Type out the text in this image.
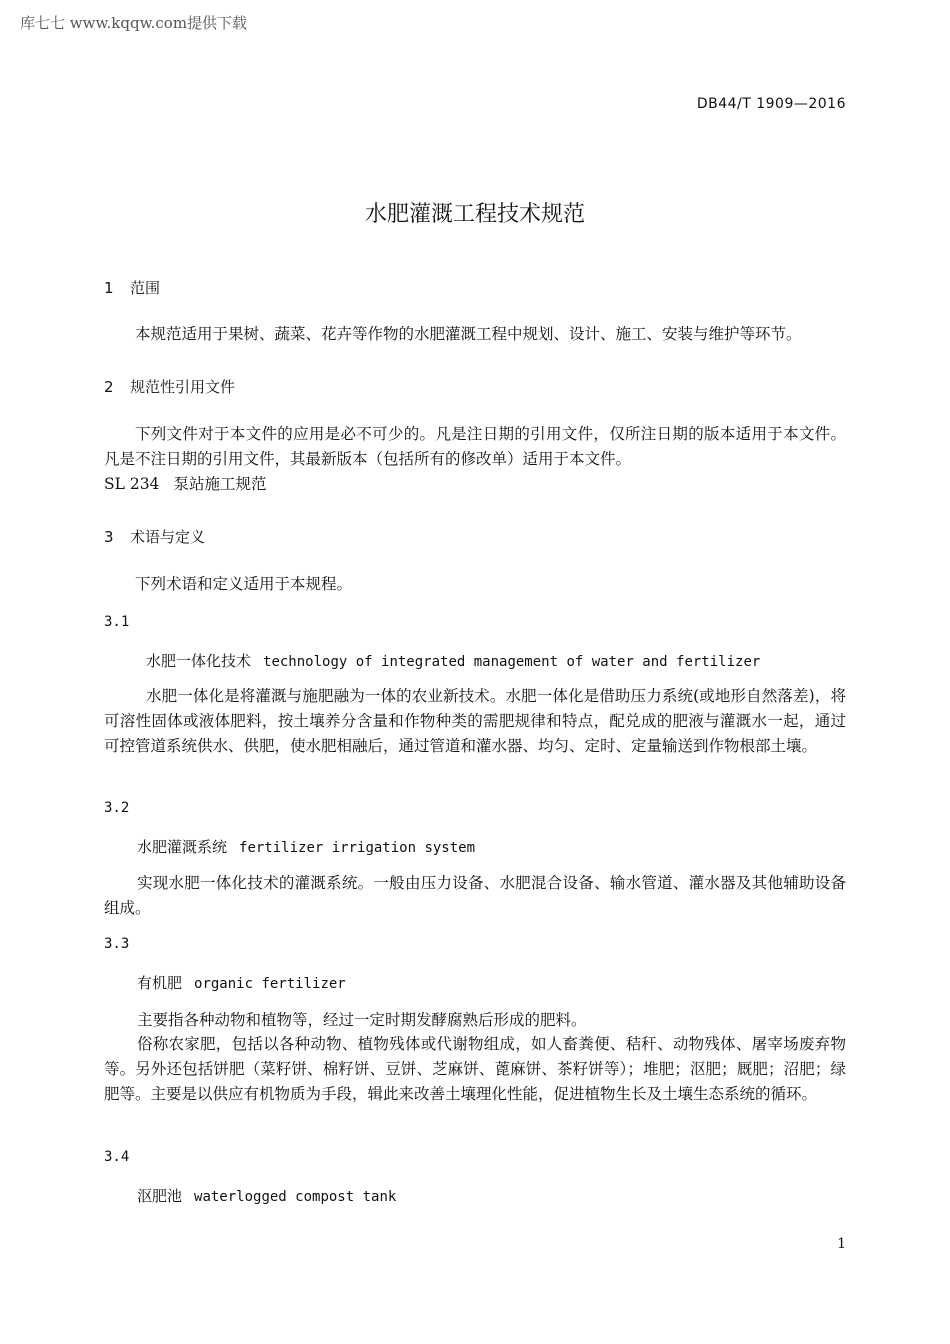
库七七 www.kqqw.com提供下载
DB44/T 1909—2016
水肥灌溉工程技术规范
1 范围
本规范适用于果树、蔬菜、花卉等作物的水肥灌溉工程中规划、设计、施工、安装与维护等环节。
2 规范性引用文件
下列文件对于本文件的应用是必不可少的。凡是注日期的引用文件，仅所注日期的版本适用于本文件。凡是不注日期的引用文件，其最新版本（包括所有的修改单）适用于本文件。
SL 234 泵站施工规范
3 术语与定义
下列术语和定义适用于本规程。
3.1
水肥一体化技术 technology of integrated management of water and fertilizer
水肥一体化是将灌溉与施肥融为一体的农业新技术。水肥一体化是借助压力系统(或地形自然落差)，将可溶性固体或液体肥料，按土壤养分含量和作物种类的需肥规律和特点，配兑成的肥液与灌溉水一起，通过可控管道系统供水、供肥，使水肥相融后，通过管道和灌水器、均匀、定时、定量输送到作物根部土壤。
3.2
水肥灌溉系统 fertilizer irrigation system
实现水肥一体化技术的灌溉系统。一般由压力设备、水肥混合设备、输水管道、灌水器及其他辅助设备组成。
3.3
有机肥 organic fertilizer
主要指各种动物和植物等，经过一定时期发酵腐熟后形成的肥料。
俗称农家肥，包括以各种动物、植物残体或代谢物组成，如人畜粪便、秸秆、动物残体、屠宰场废弃物等。另外还包括饼肥（菜籽饼、棉籽饼、豆饼、芝麻饼、蓖麻饼、茶籽饼等）；堆肥；沤肥；厩肥；沼肥；绿肥等。主要是以供应有机物质为手段，辑此来改善土壤理化性能，促进植物生长及土壤生态系统的循环。
3.4
沤肥池 waterlogged compost tank
1
